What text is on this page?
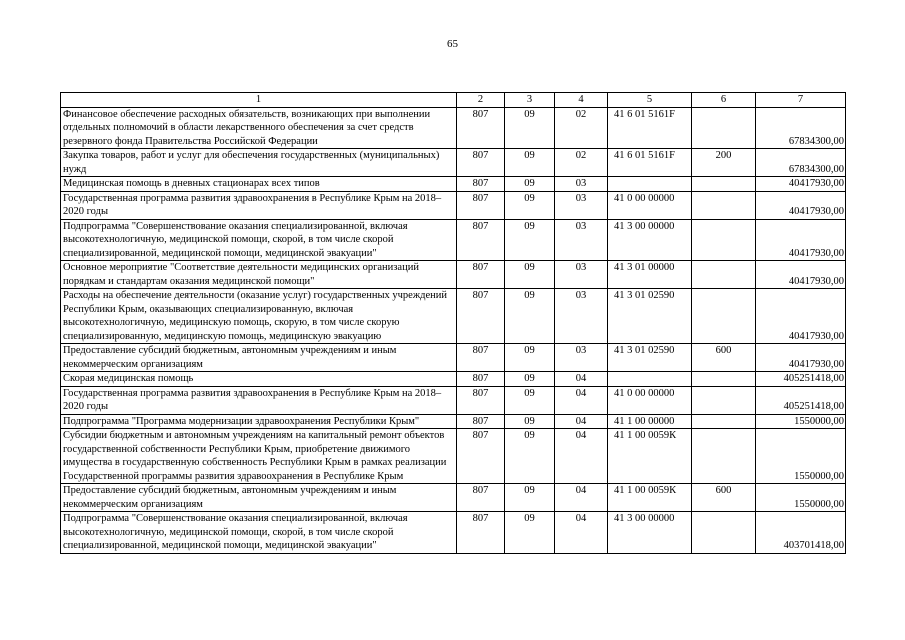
65
1	2	3	4	5	6	7
Финансовое обеспечение расходных обязательств, возникающих при выполнении отдельных полномочий в области лекарственного обеспечения за счет средств резервного фонда Правительства Российской Федерации	807	09	02	41 6 01 5161F		67834300,00
Закупка товаров, работ и услуг для обеспечения государственных (муниципальных) нужд	807	09	02	41 6 01 5161F	200	67834300,00
Медицинская помощь в дневных стационарах всех типов	807	09	03			40417930,00
Государственная программа развития здравоохранения в Республике Крым на 2018–2020 годы	807	09	03	41 0 00 00000		40417930,00
Подпрограмма "Совершенствование оказания специализированной, включая высокотехнологичную, медицинской помощи, скорой, в том числе скорой специализированной, медицинской помощи, медицинской эвакуации"	807	09	03	41 3 00 00000		40417930,00
Основное мероприятие "Соответствие деятельности медицинских организаций порядкам и стандартам оказания медицинской помощи"	807	09	03	41 3 01 00000		40417930,00
Расходы на обеспечение деятельности (оказание услуг) государственных учреждений Республики Крым, оказывающих специализированную, включая высокотехнологичную, медицинскую помощь, скорую, в том числе скорую специализированную, медицинскую помощь, медицинскую эвакуацию	807	09	03	41 3 01 02590		40417930,00
Предоставление субсидий бюджетным, автономным учреждениям и иным некоммерческим организациям	807	09	03	41 3 01 02590	600	40417930,00
Скорая медицинская помощь	807	09	04			405251418,00
Государственная программа развития здравоохранения в Республике Крым на 2018–2020 годы	807	09	04	41 0 00 00000		405251418,00
Подпрограмма "Программа модернизации здравоохранения Республики Крым"	807	09	04	41 1 00 00000		1550000,00
Субсидии бюджетным и автономным учреждениям на капитальный ремонт объектов государственной собственности Республики Крым, приобретение движимого имущества в государственную собственность Республики Крым в рамках реализации Государственной программы развития здравоохранения в Республике Крым	807	09	04	41 1 00 0059К		1550000,00
Предоставление субсидий бюджетным, автономным учреждениям и иным некоммерческим организациям	807	09	04	41 1 00 0059К	600	1550000,00
Подпрограмма "Совершенствование оказания специализированной, включая высокотехнологичную, медицинской помощи, скорой, в том числе скорой специализированной, медицинской помощи, медицинской эвакуации"	807	09	04	41 3 00 00000		403701418,00
